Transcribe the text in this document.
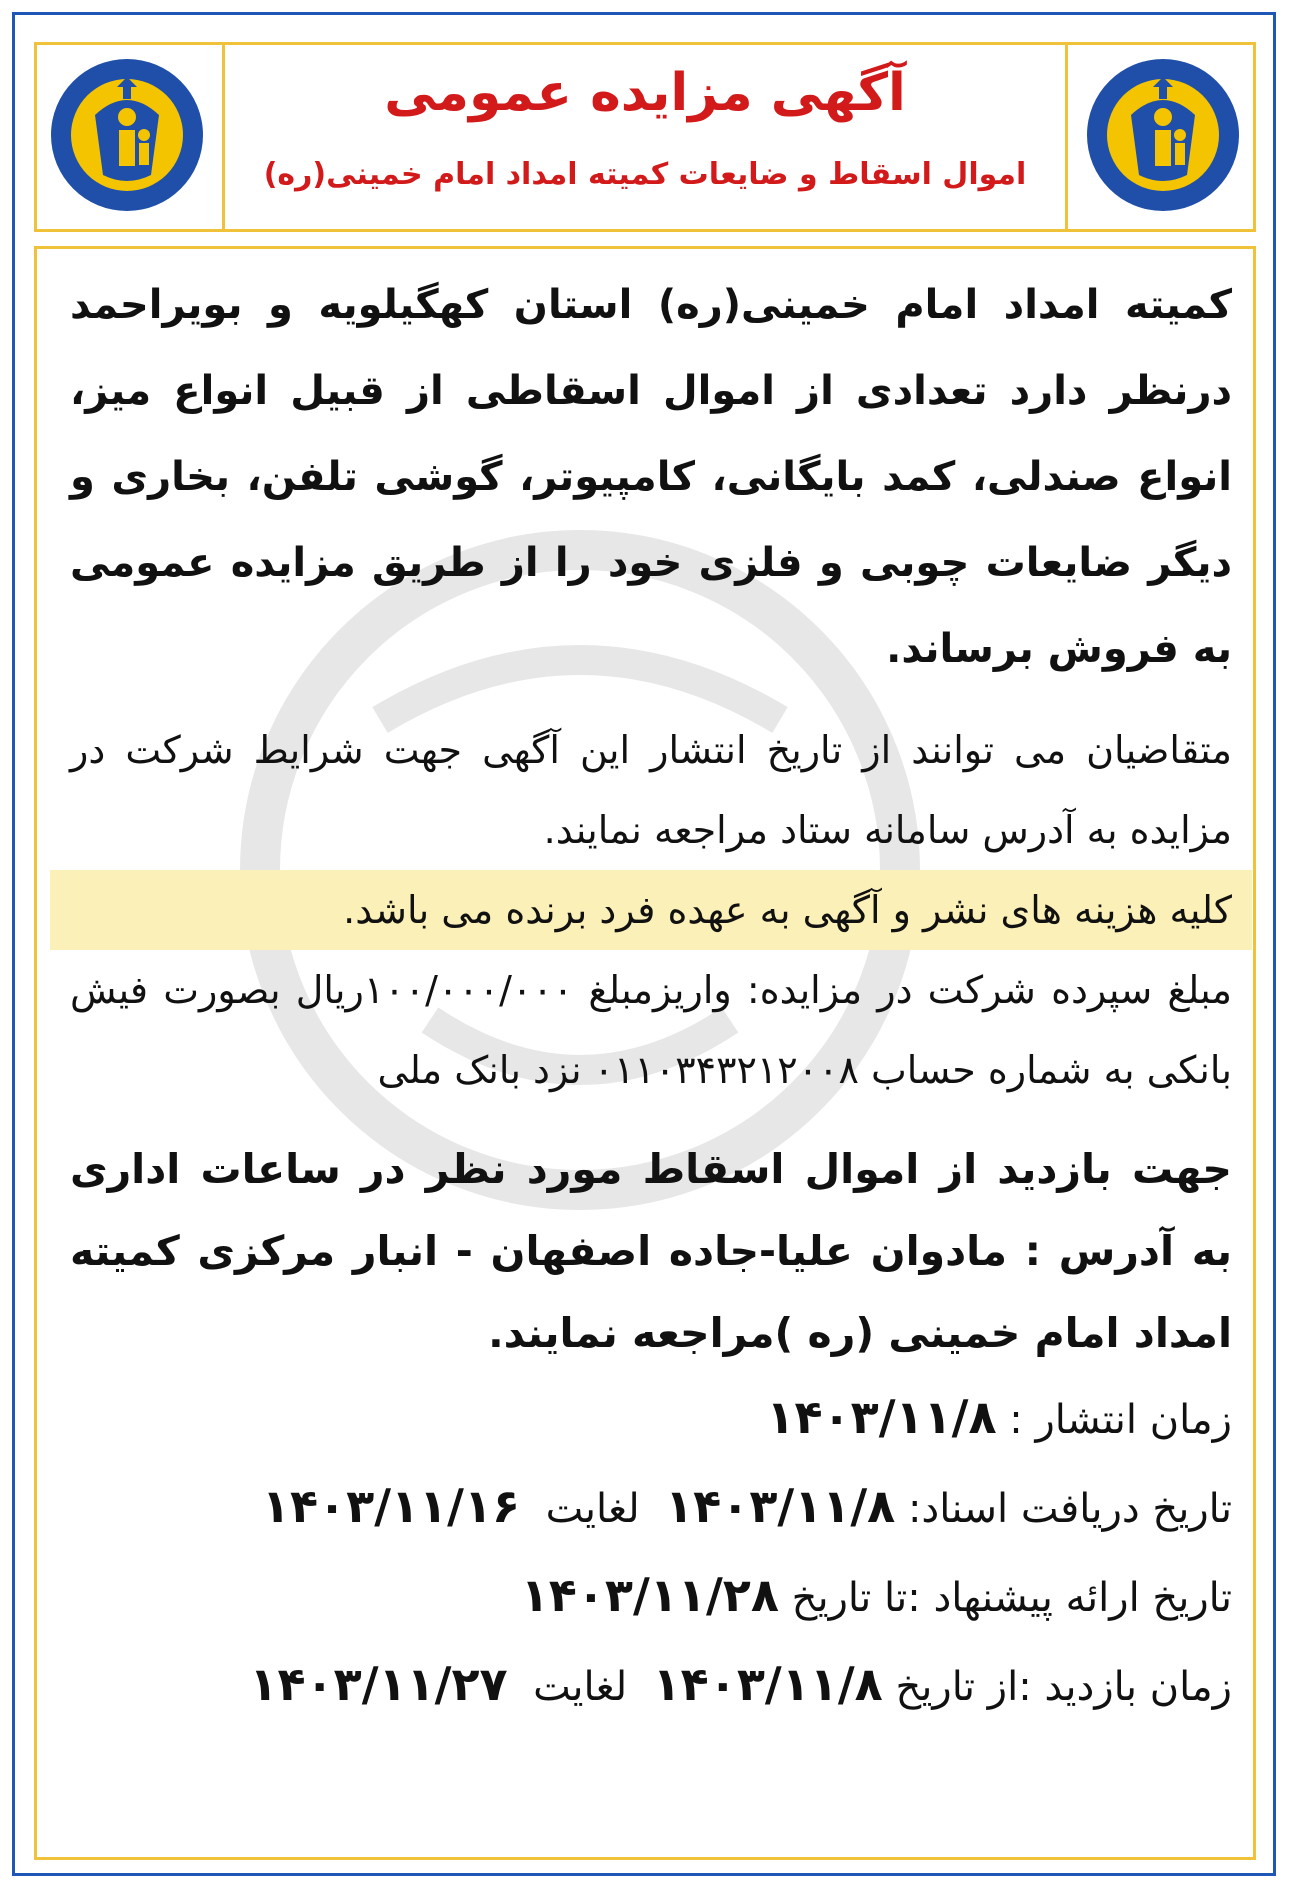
آگهی مزایده عمومی
اموال اسقاط و ضایعات کمیته امداد امام خمینی(ره)

کمیته امداد امام خمینی(ره) استان کهگیلویه و بویراحمد درنظر دارد تعدادی از اموال اسقاطی از قبیل انواع میز، انواع صندلی، کمد بایگانی، کامپیوتر، گوشی تلفن، بخاری و دیگر ضایعات چوبی و فلزی خود را از طریق مزایده عمومی به فروش برساند.

متقاضیان می توانند از تاریخ انتشار این آگهی جهت شرایط شرکت در مزایده به آدرس سامانه ستاد مراجعه نمایند.

کلیه هزینه های نشر و آگهی به عهده فرد برنده می باشد.

مبلغ سپرده شرکت در مزایده: واریزمبلغ ۱۰۰/۰۰۰/۰۰۰ریال بصورت فیش بانکی به شماره حساب ۰۱۱۰۳۴۳۲۱۲۰۰۸ نزد بانک ملی

جهت بازدید از اموال اسقاط مورد نظر در ساعات اداری به آدرس : مادوان علیا-جاده اصفهان - انبار مرکزی کمیته امداد امام خمینی (ره )مراجعه نمایند.

زمان انتشار : ۱۴۰۳/۱۱/۸

تاریخ دریافت اسناد: ۱۴۰۳/۱۱/۸  لغایت  ۱۴۰۳/۱۱/۱۶

تاریخ ارائه پیشنهاد :تا تاریخ ۱۴۰۳/۱۱/۲۸

زمان بازدید :از تاریخ ۱۴۰۳/۱۱/۸  لغایت  ۱۴۰۳/۱۱/۲۷
